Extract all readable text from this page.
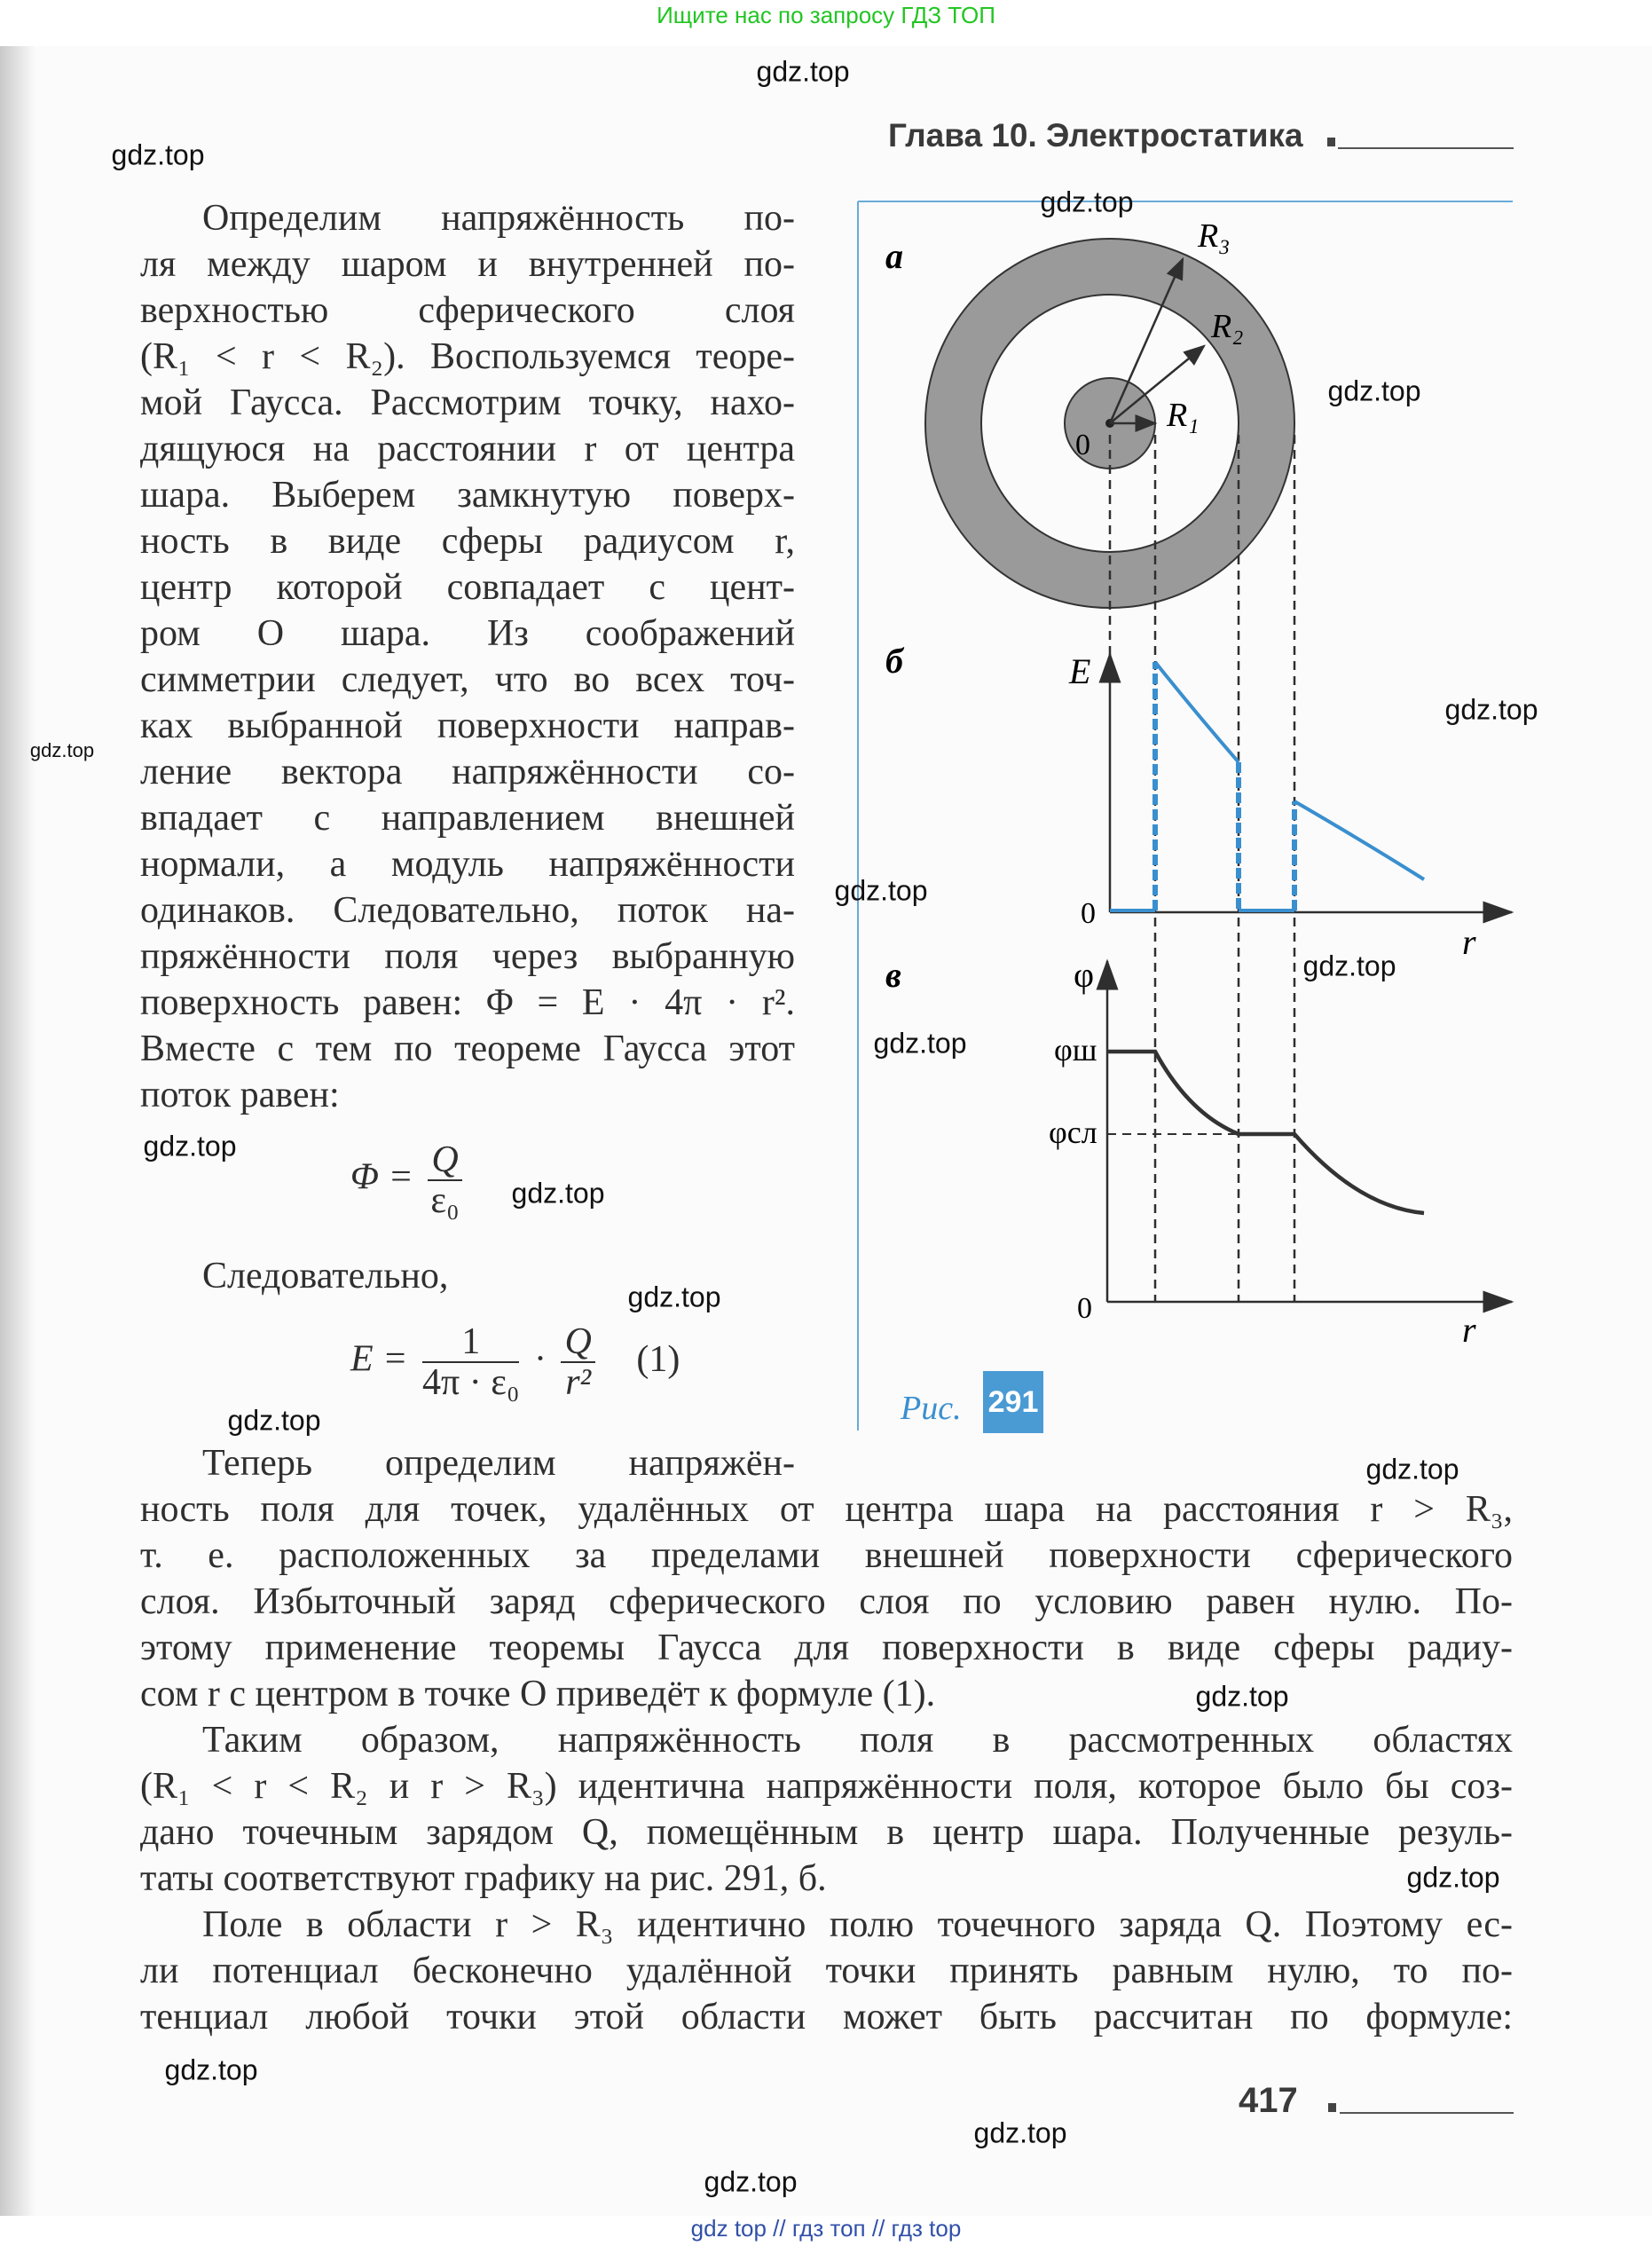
Ищите нас по запросу ГДЗ ТОП
Глава 10. Электростатика
Определим напряжённость по-
ля между шаром и внутренней по-
верхностью сферического слоя
(R₁ < r < R₂). Воспользуемся теоре-
мой Гаусса. Рассмотрим точку, нахо-
дящуюся на расстоянии r от центра
шара. Выберем замкнутую поверх-
ность в виде сферы радиусом r,
центр которой совпадает с цент-
ром O шара. Из соображений
симметрии следует, что во всех точ-
ках выбранной поверхности направ-
ление вектора напряжённости со-
впадает с направлением внешней
нормали, а модуль напряжённости
одинаков. Следовательно, поток на-
пряжённости поля через выбранную
поверхность равен: Φ = E · 4π · r².
Вместе с тем по теореме Гаусса этот
поток равен:
$\Phi = \frac{Q}{\text{ε₀}}$
Следовательно,
$E = \frac{1}{\text{4π · ε₀}} \cdot \frac{Q}{\text{r²}} (1)$
Теперь определим напряжён-
ность поля для точек, удалённых от центра шара на расстояния r > R₃,
т. е. расположенных за пределами внешней поверхности сферического
слоя. Избыточный заряд сферического слоя по условию равен нулю. По-
этому применение теоремы Гаусса для поверхности в виде сферы радиу-
сом r с центром в точке O приведёт к формуле (1).
Таким образом, напряжённость поля в рассмотренных областях
(R₁ < r < R₂ и r > R₃) идентична напряжённости поля, которое было бы соз-
дано точечным зарядом Q, помещённым в центр шара. Полученные резуль-
таты соответствуют графику на рис. 291, б.
Поле в области r > R₃ идентично полю точечного заряда Q. Поэтому ес-
ли потенциал бесконечно удалённой точки принять равным нулю, то по-
тенциал любой точки этой области может быть рассчитан по формуле:
а	R₃
R₂
R₁
0
б	E
0
r
в	φ
φш
φсл
0
r
Рис. 291
417
gdz.top
gdz.top
gdz.top
gdz.top
gdz.top
gdz.top
gdz.top
gdz.top
gdz.top
gdz.top
gdz.top
gdz.top
gdz.top
gdz.top
gdz.top
gdz.top
gdz.top
gdz.top
gdz.top
gdz top // гдз топ // гдз top
